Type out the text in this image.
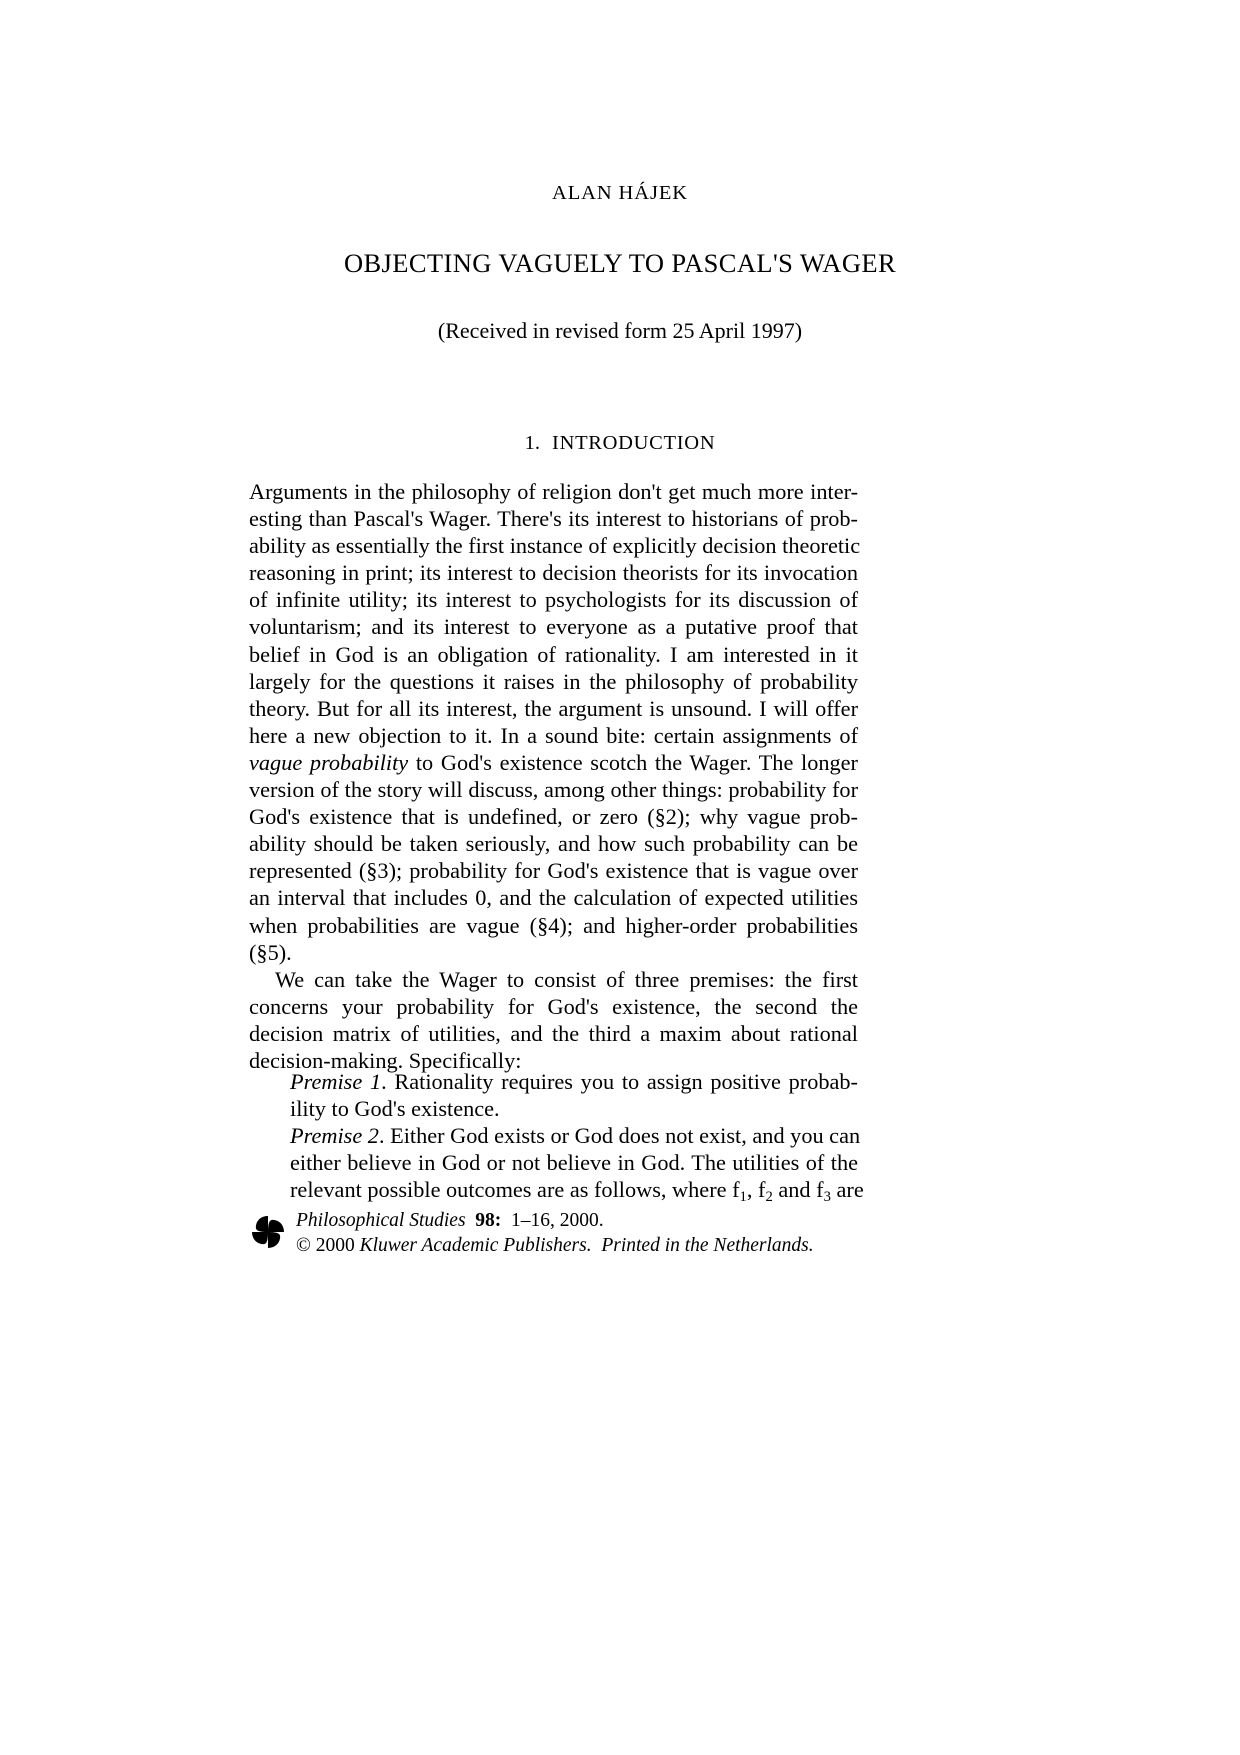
ALAN HÁJEK
OBJECTING VAGUELY TO PASCAL'S WAGER
(Received in revised form 25 April 1997)
1. INTRODUCTION

Arguments in the philosophy of religion don't get much more inter-
esting than Pascal's Wager. There's its interest to historians of prob-
ability as essentially the first instance of explicitly decision theoretic
reasoning in print; its interest to decision theorists for its invocation
of infinite utility; its interest to psychologists for its discussion of
voluntarism; and its interest to everyone as a putative proof that
belief in God is an obligation of rationality. I am interested in it
largely for the questions it raises in the philosophy of probability
theory. But for all its interest, the argument is unsound. I will offer
here a new objection to it. In a sound bite: certain assignments of
vague probability to God's existence scotch the Wager. The longer
version of the story will discuss, among other things: probability for
God's existence that is undefined, or zero (§2); why vague prob-
ability should be taken seriously, and how such probability can be
represented (§3); probability for God's existence that is vague over
an interval that includes 0, and the calculation of expected utilities
when probabilities are vague (§4); and higher-order probabilities
(§5).

We can take the Wager to consist of three premises: the first
concerns your probability for God's existence, the second the
decision matrix of utilities, and the third a maxim about rational
decision-making. Specifically:

Premise 1. Rationality requires you to assign positive probab-
ility to God's existence.
Premise 2. Either God exists or God does not exist, and you can
either believe in God or not believe in God. The utilities of the
relevant possible outcomes are as follows, where $f_1$, $f_2$ and $f_3$ are
Philosophical Studies 98: 1–16, 2000.
© 2000 Kluwer Academic Publishers. Printed in the Netherlands.
